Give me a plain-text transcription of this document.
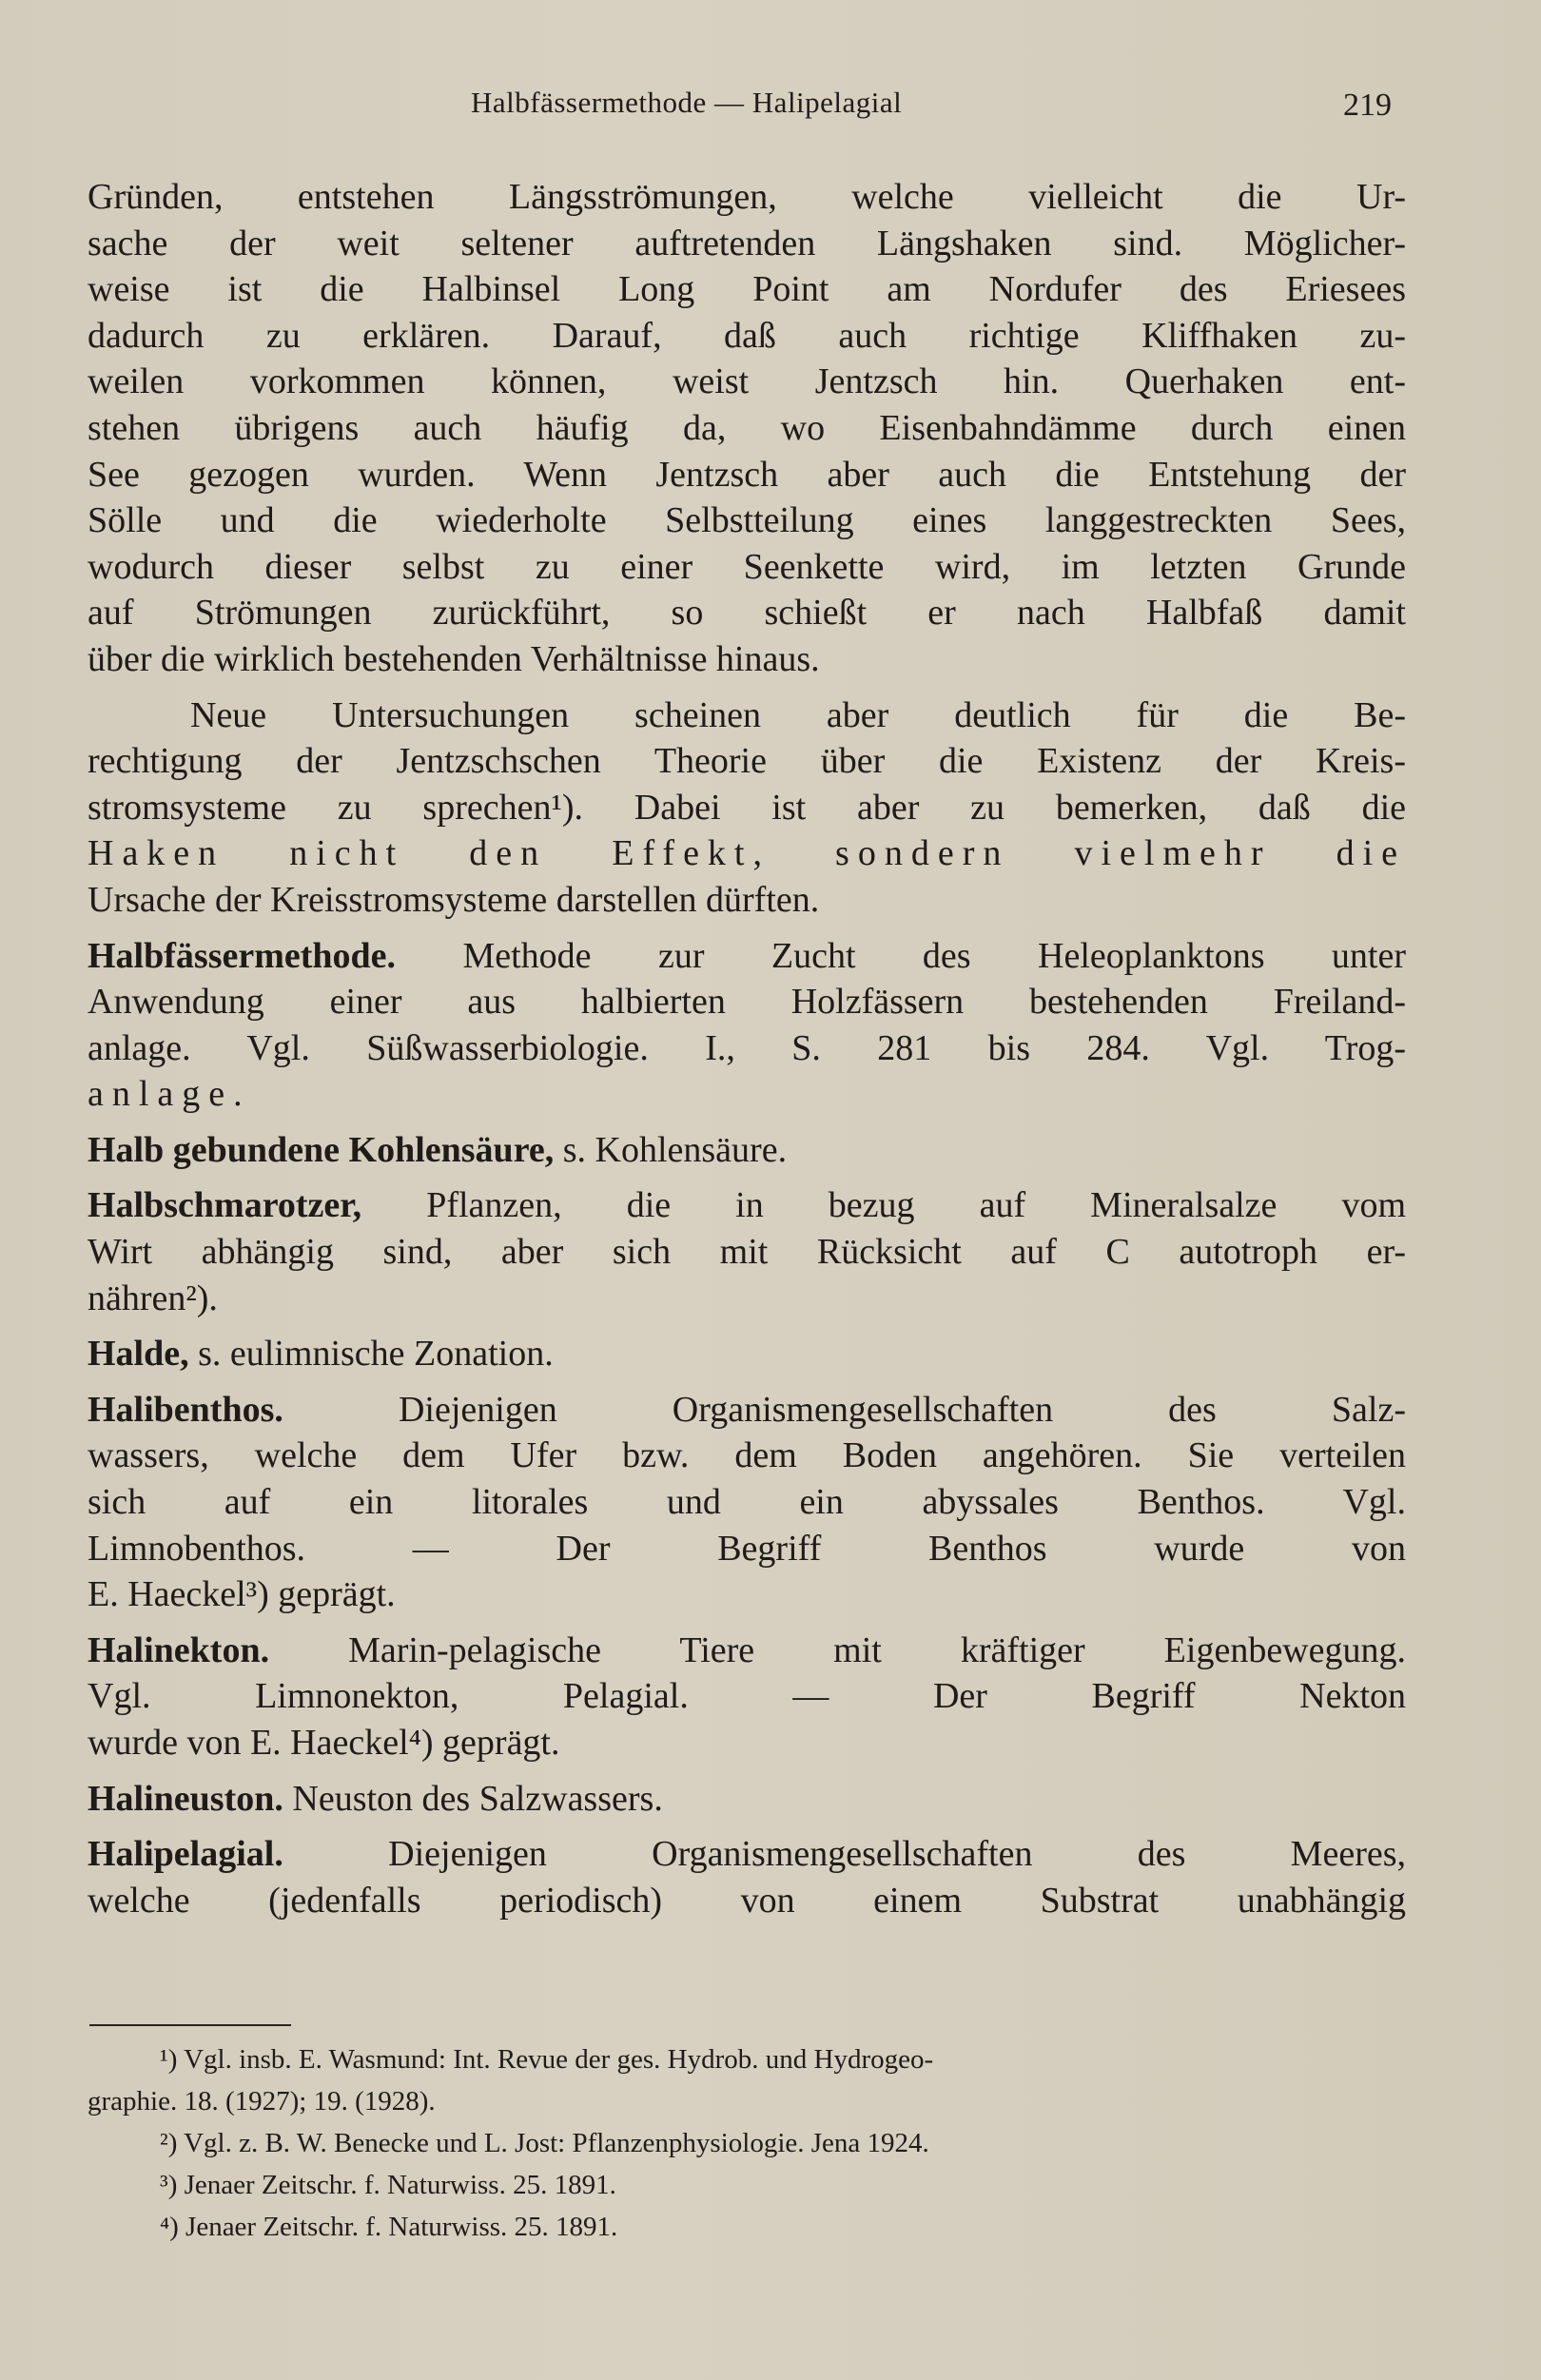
Halbfässermethode — Halipelagial	219

Gründen, entstehen Längsströmungen, welche vielleicht die Ur-
sache der weit seltener auftretenden Längshaken sind. Möglicher-
weise ist die Halbinsel Long Point am Nordufer des Eriesees
dadurch zu erklären. Darauf, daß auch richtige Kliffhaken zu-
weilen vorkommen können, weist Jentzsch hin. Querhaken ent-
stehen übrigens auch häufig da, wo Eisenbahndämme durch einen
See gezogen wurden. Wenn Jentzsch aber auch die Entstehung der
Sölle und die wiederholte Selbstteilung eines langgestreckten Sees,
wodurch dieser selbst zu einer Seenkette wird, im letzten Grunde
auf Strömungen zurückführt, so schießt er nach Halbfaß damit
über die wirklich bestehenden Verhältnisse hinaus.

Neue Untersuchungen scheinen aber deutlich für die Be-
rechtigung der Jentzschschen Theorie über die Existenz der Kreis-
stromsysteme zu sprechen¹). Dabei ist aber zu bemerken, daß die
Haken nicht den Effekt, sondern vielmehr die
Ursache der Kreisstromsysteme darstellen dürften.

Halbfässermethode. Methode zur Zucht des Heleoplanktons unter
Anwendung einer aus halbierten Holzfässern bestehenden Freiland-
anlage. Vgl. Süßwasserbiologie. I., S. 281 bis 284. Vgl. Trog-
anlage.

Halb gebundene Kohlensäure, s. Kohlensäure.

Halbschmarotzer, Pflanzen, die in bezug auf Mineralsalze vom
Wirt abhängig sind, aber sich mit Rücksicht auf C autotroph er-
nähren²).

Halde, s. eulimnische Zonation.

Halibenthos.	Diejenigen Organismengesellschaften des Salz-
wassers, welche dem Ufer bzw. dem Boden angehören. Sie verteilen
sich auf ein litorales und ein abyssales Benthos. Vgl.
Limnobenthos. — Der Begriff Benthos wurde von
E. Haeckel³) geprägt.

Halinekton. Marin-pelagische Tiere mit kräftiger Eigenbewegung.
Vgl. Limnonekton, Pelagial. — Der Begriff Nekton
wurde von E. Haeckel⁴) geprägt.

Halineuston. Neuston des Salzwassers.

Halipelagial.	Diejenigen Organismengesellschaften des Meeres,
welche (jedenfalls periodisch) von einem Substrat unabhängig

¹) Vgl. insb. E. Wasmund: Int. Revue der ges. Hydrob. und Hydrogeo-

graphie. 18. (1927); 19. (1928).

²) Vgl. z. B. W. Benecke und L. Jost: Pflanzenphysiologie. Jena 1924.

³) Jenaer Zeitschr. f. Naturwiss. 25. 1891.

⁴) Jenaer Zeitschr. f. Naturwiss. 25. 1891.
